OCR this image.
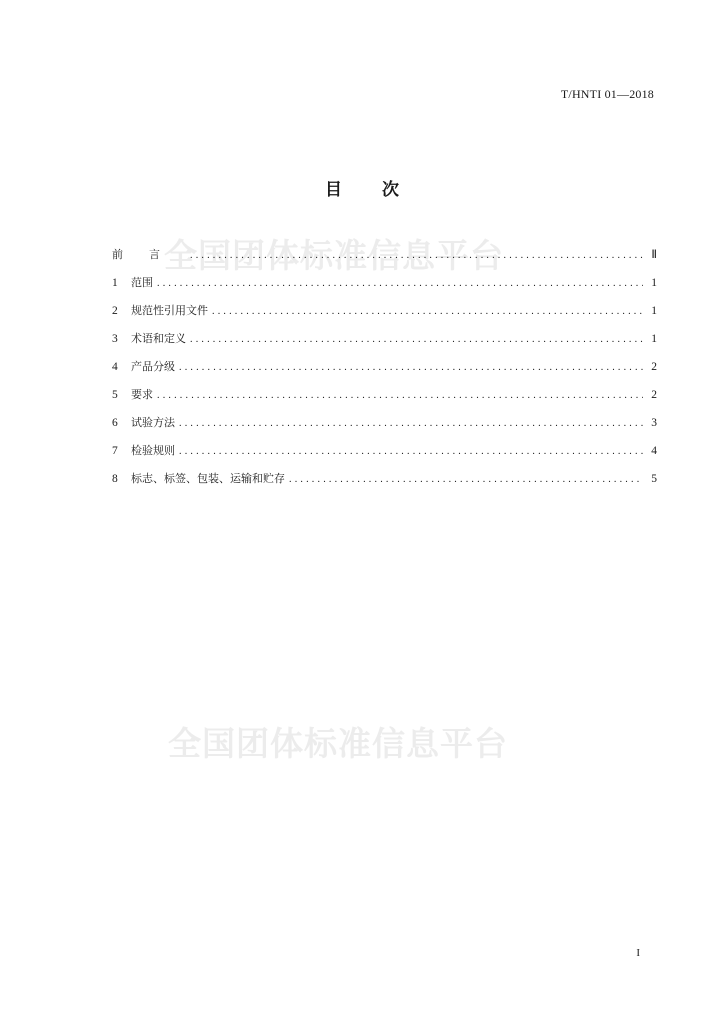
T/HNTI 01—2018
目 次
全国团体标准信息平台
全国团体标准信息平台
前言 .....	Ⅱ
1	范围 .....	1
2	规范性引用文件 .....	1
3	术语和定义 .....	1
4	产品分级 .....	2
5	要求 .....	2
6	试验方法 .....	3
7	检验规则 .....	4
8	标志、标签、包装、运输和贮存 .....	5
I
